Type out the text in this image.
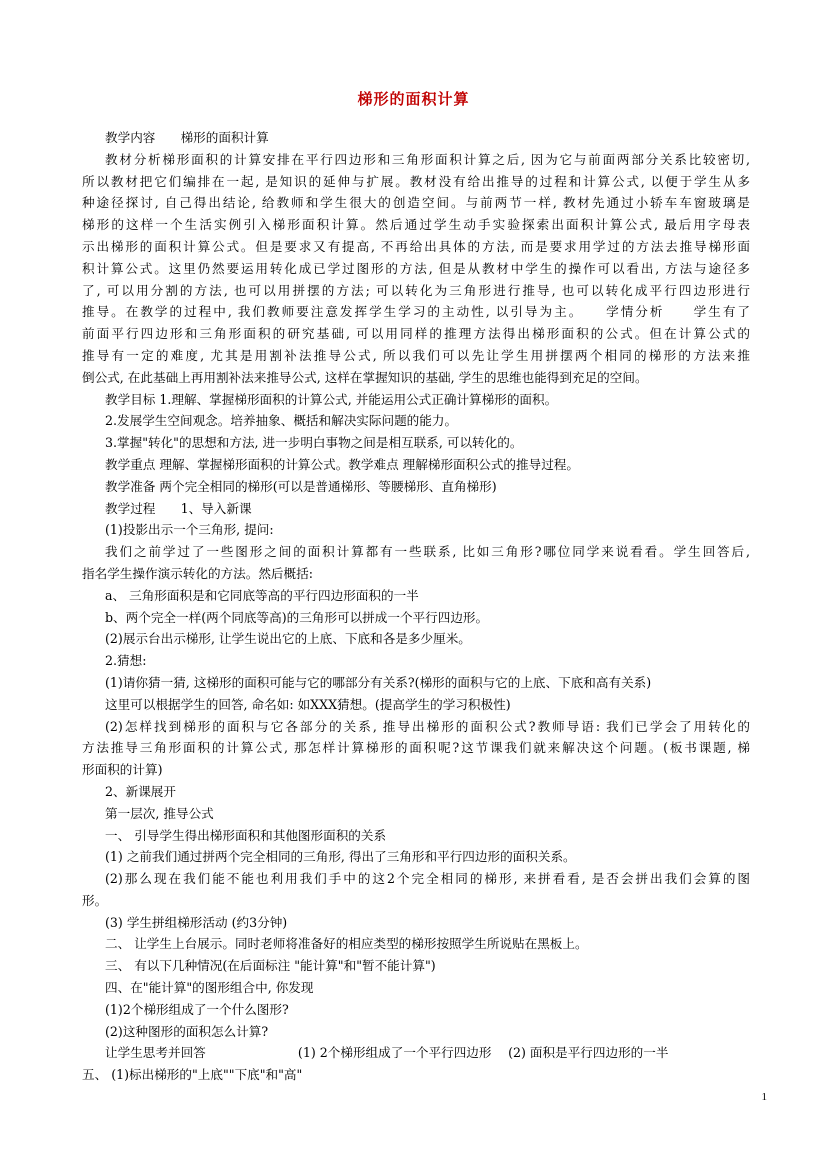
梯形的面积计算
教学内容　　梯形的面积计算
教材分析梯形面积的计算安排在平行四边形和三角形面积计算之后, 因为它与前面两部分关系比较密切,
所以教材把它们编排在一起, 是知识的延伸与扩展。教材没有给出推导的过程和计算公式, 以便于学生从多
种途径探讨, 自己得出结论, 给教师和学生很大的创造空间。与前两节一样, 教材先通过小轿车车窗玻璃是
梯形的这样一个生活实例引入梯形面积计算。然后通过学生动手实验探索出面积计算公式, 最后用字母表
示出梯形的面积计算公式。但是要求又有提高, 不再给出具体的方法, 而是要求用学过的方法去推导梯形面
积计算公式。这里仍然要运用转化成已学过图形的方法, 但是从教材中学生的操作可以看出, 方法与途径多
了, 可以用分割的方法, 也可以用拼摆的方法; 可以转化为三角形进行推导, 也可以转化成平行四边形进行
推导。在教学的过程中, 我们教师要注意发挥学生学习的主动性, 以引导为主。　　学情分析　　学生有了
前面平行四边形和三角形面积的研究基础, 可以用同样的推理方法得出梯形面积的公式。但在计算公式的
推导有一定的难度, 尤其是用割补法推导公式, 所以我们可以先让学生用拼摆两个相同的梯形的方法来推
倒公式, 在此基础上再用割补法来推导公式, 这样在掌握知识的基础, 学生的思维也能得到充足的空间。
教学目标 1.理解、掌握梯形面积的计算公式, 并能运用公式正确计算梯形的面积。
2.发展学生空间观念。培养抽象、概括和解决实际问题的能力。
3.掌握"转化"的思想和方法, 进一步明白事物之间是相互联系, 可以转化的。
教学重点 理解、掌握梯形面积的计算公式。教学难点 理解梯形面积公式的推导过程。
教学准备 两个完全相同的梯形(可以是普通梯形、等腰梯形、直角梯形)
教学过程　　1、导入新课
(1)投影出示一个三角形, 提问:
我们之前学过了一些图形之间的面积计算都有一些联系, 比如三角形?哪位同学来说看看。学生回答后,
指名学生操作演示转化的方法。然后概括:
a、 三角形面积是和它同底等高的平行四边形面积的一半
b、两个完全一样(两个同底等高)的三角形可以拼成一个平行四边形。
(2)展示台出示梯形, 让学生说出它的上底、下底和各是多少厘米。
2.猜想:
(1)请你猜一猜, 这梯形的面积可能与它的哪部分有关系?(梯形的面积与它的上底、下底和高有关系)
这里可以根据学生的回答, 命名如: 如XXX猜想。(提高学生的学习积极性)
(2)怎样找到梯形的面积与它各部分的关系, 推导出梯形的面积公式?教师导语: 我们已学会了用转化的
方法推导三角形面积的计算公式, 那怎样计算梯形的面积呢?这节课我们就来解决这个问题。(板书课题, 梯
形面积的计算)
2、新课展开
第一层次, 推导公式
一、 引导学生得出梯形面积和其他图形面积的关系
(1) 之前我们通过拼两个完全相同的三角形, 得出了三角形和平行四边形的面积关系。
(2)那么现在我们能不能也利用我们手中的这2个完全相同的梯形, 来拼看看, 是否会拼出我们会算的图
形。
(3) 学生拼组梯形活动 (约3分钟)
二、 让学生上台展示。同时老师将准备好的相应类型的梯形按照学生所说贴在黑板上。
三、 有以下几种情况(在后面标注 "能计算"和"暂不能计算")
四、在"能计算"的图形组合中, 你发现
(1)2个梯形组成了一个什么图形?
(2)这种图形的面积怎么计算?
让学生思考并回答　　　　　　　 (1) 2个梯形组成了一个平行四边形　 (2) 面积是平行四边形的一半
五、 (1)标出梯形的"上底""下底"和"高"
1
